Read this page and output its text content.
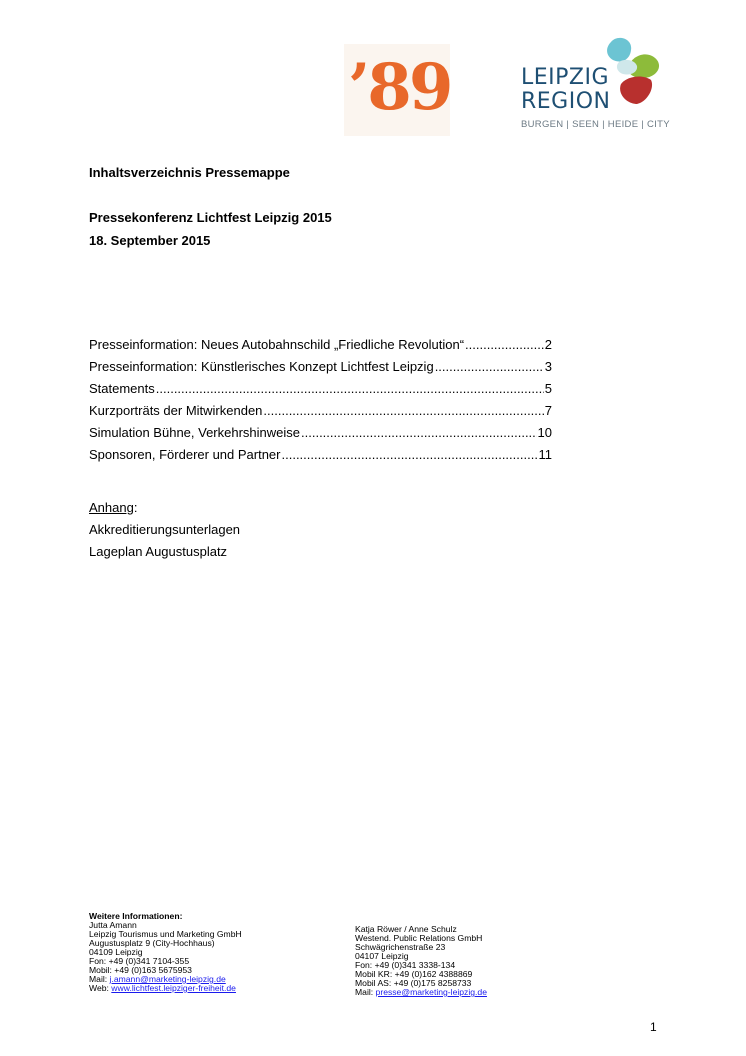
’89	LEIPZIG
REGION
BURGEN | SEEN | HEIDE | CITY
Inhaltsverzeichnis Pressemappe
Pressekonferenz Lichtfest Leipzig 2015
18. September 2015
Presseinformation: Neues Autobahnschild „Friedliche Revolution“ .....	2
Presseinformation: Künstlerisches Konzept Lichtfest Leipzig .....	3
Statements .....	5
Kurzporträts der Mitwirkenden .....	7
Simulation Bühne, Verkehrshinweise .....	10
Sponsoren, Förderer und Partner .....	11
Anhang:
Akkreditierungsunterlagen
Lageplan Augustusplatz
Weitere Informationen:
Jutta Amann
Leipzig Tourismus und Marketing GmbH
Augustusplatz 9 (City-Hochhaus)
04109 Leipzig
Fon: +49 (0)341 7104-355
Mobil: +49 (0)163 5675953
Mail: j.amann@marketing-leipzig.de
Web: www.lichtfest.leipziger-freiheit.de
Katja Röwer / Anne Schulz
Westend. Public Relations GmbH
Schwägrichenstraße 23
04107 Leipzig
Fon: +49 (0)341 3338-134
Mobil KR: +49 (0)162 4388869
Mobil AS: +49 (0)175 8258733
Mail: presse@marketing-leipzig.de
1
